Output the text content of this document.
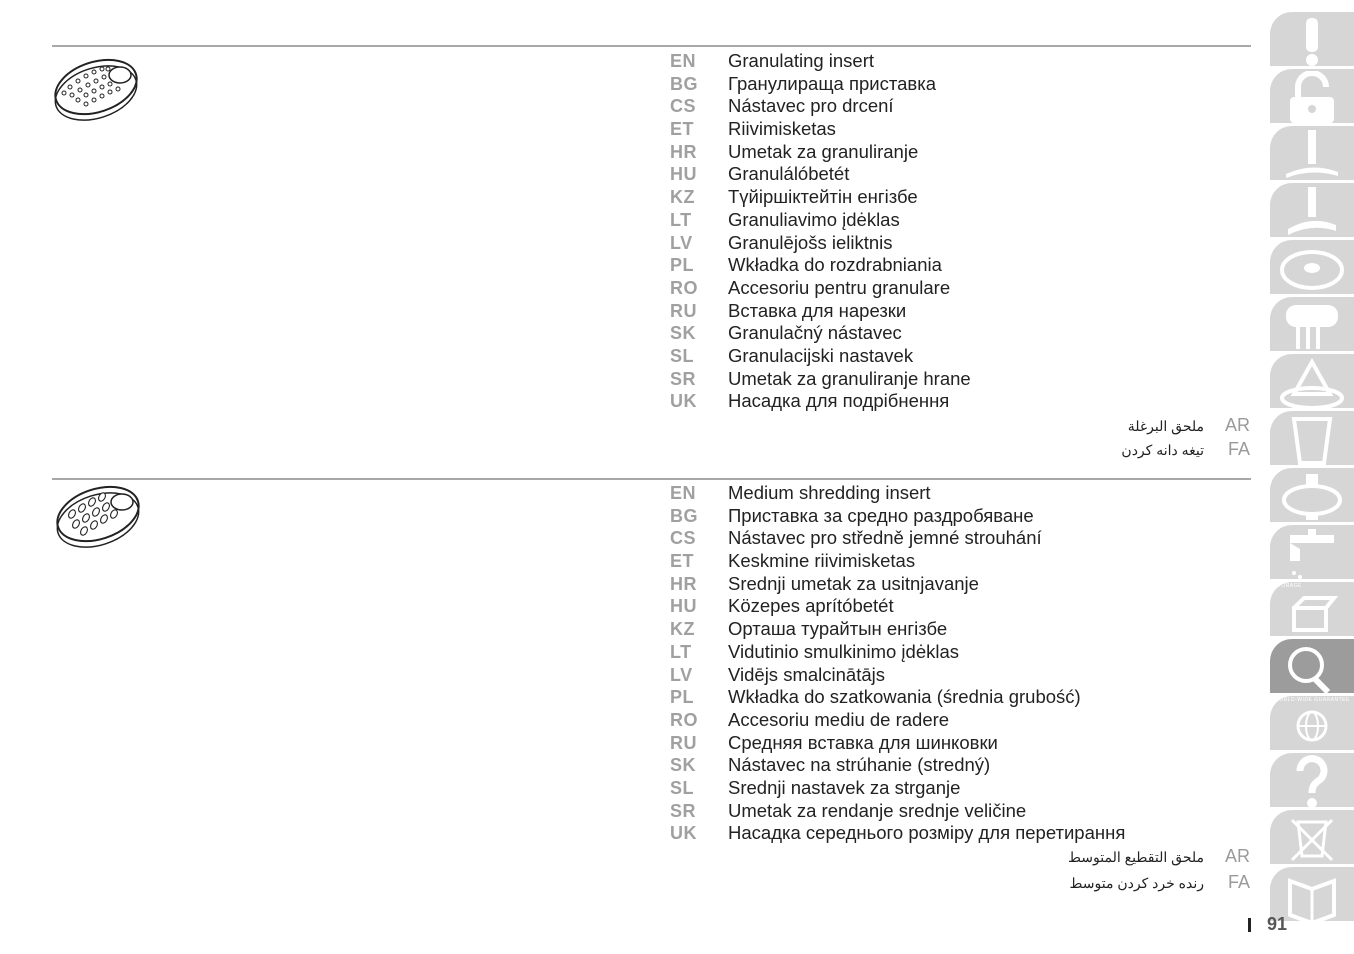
EN Granulating insert
BG Гранулираща приставка
CS Nástavec pro drcení
ET Riivimisketas
HR Umetak za granuliranje
HU Granulálóbetét
KZ Түйіршіктейтін енгізбе
LT Granuliavimo įdėklas
LV Granulējošs ieliktnis
PL Wkładka do rozdrabniania
RO Accesoriu pentru granulare
RU Вставка для нарезки
SK Granulačný nástavec
SL Granulacijski nastavek
SR Umetak za granuliranje hrane
UK Насадка для подрібнення
ملحق البرغلة AR
تیغه دانه کردن FA
EN Medium shredding insert
BG Приставка за средно раздробяване
CS Nástavec pro středně jemné strouhání
ET Keskmine riivimisketas
HR Srednji umetak za usitnjavanje
HU Közepes aprítóbetét
KZ Орташа турайтын енгізбе
LT Vidutinio smulkinimo įdėklas
LV Vidējs smalcinātājs
PL Wkładka do szatkowania (średnia grubość)
RO Accesoriu mediu de radere
RU Средняя вставка для шинковки
SK Nástavec na strúhanie (stredný)
SL Srednji nastavek za strganje
SR Umetak za rendanje srednje veličine
UK Насадка середнього розміру для перетирання
ملحق التقطيع المتوسط AR
رنده خرد کردن متوسط FA
STORAGE
WORLD-WIDE GUARANTEE
91
